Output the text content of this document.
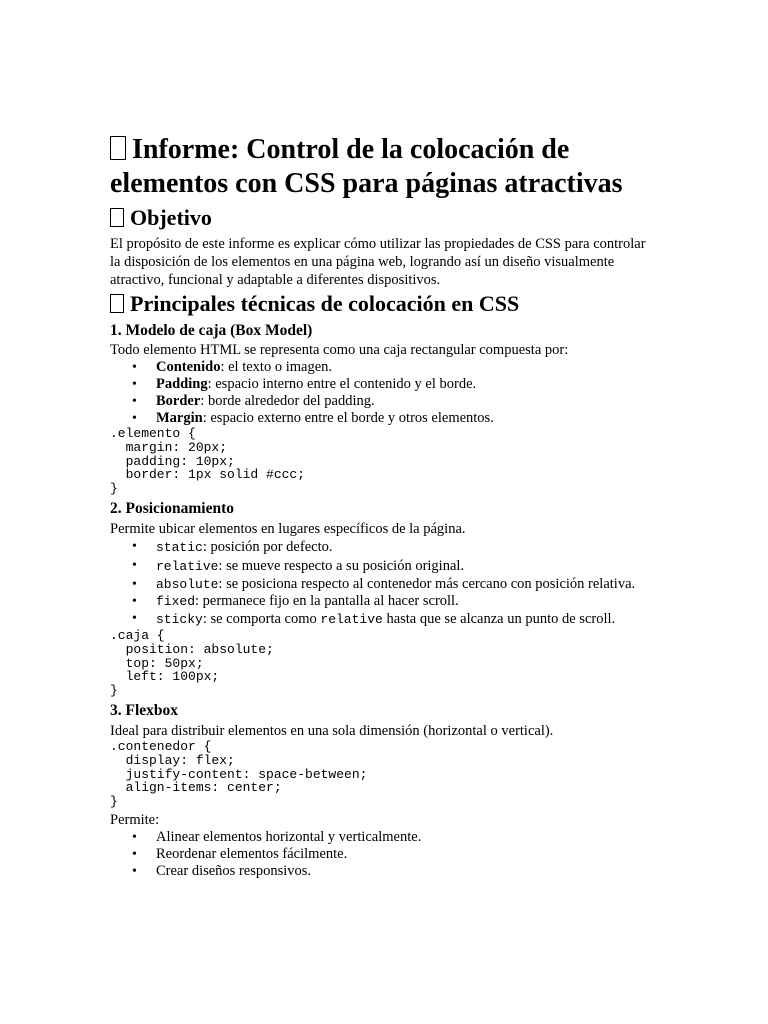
Informe: Control de la colocación de elementos con CSS para páginas atractivas
Objetivo

El propósito de este informe es explicar cómo utilizar las propiedades de CSS para controlar la disposición de los elementos en una página web, logrando así un diseño visualmente atractivo, funcional y adaptable a diferentes dispositivos.

Principales técnicas de colocación en CSS
1. Modelo de caja (Box Model)

Todo elemento HTML se representa como una caja rectangular compuesta por:

• Contenido: el texto o imagen.
• Padding: espacio interno entre el contenido y el borde.
• Border: borde alrededor del padding.
• Margin: espacio externo entre el borde y otros elementos.
.elemento {
margin: 20px;
padding: 10px;
border: 1px solid #ccc;
}
2. Posicionamiento

Permite ubicar elementos en lugares específicos de la página.

• static: posición por defecto.
• relative: se mueve respecto a su posición original.
• absolute: se posiciona respecto al contenedor más cercano con posición relativa.
• fixed: permanece fijo en la pantalla al hacer scroll.
• sticky: se comporta como relative hasta que se alcanza un punto de scroll.
.caja {
position: absolute;
top: 50px;
left: 100px;
}
3. Flexbox

Ideal para distribuir elementos en una sola dimensión (horizontal o vertical).

.contenedor {
display: flex;
justify-content: space-between;
align-items: center;
}

Permite:

• Alinear elementos horizontal y verticalmente.
• Reordenar elementos fácilmente.
• Crear diseños responsivos.
